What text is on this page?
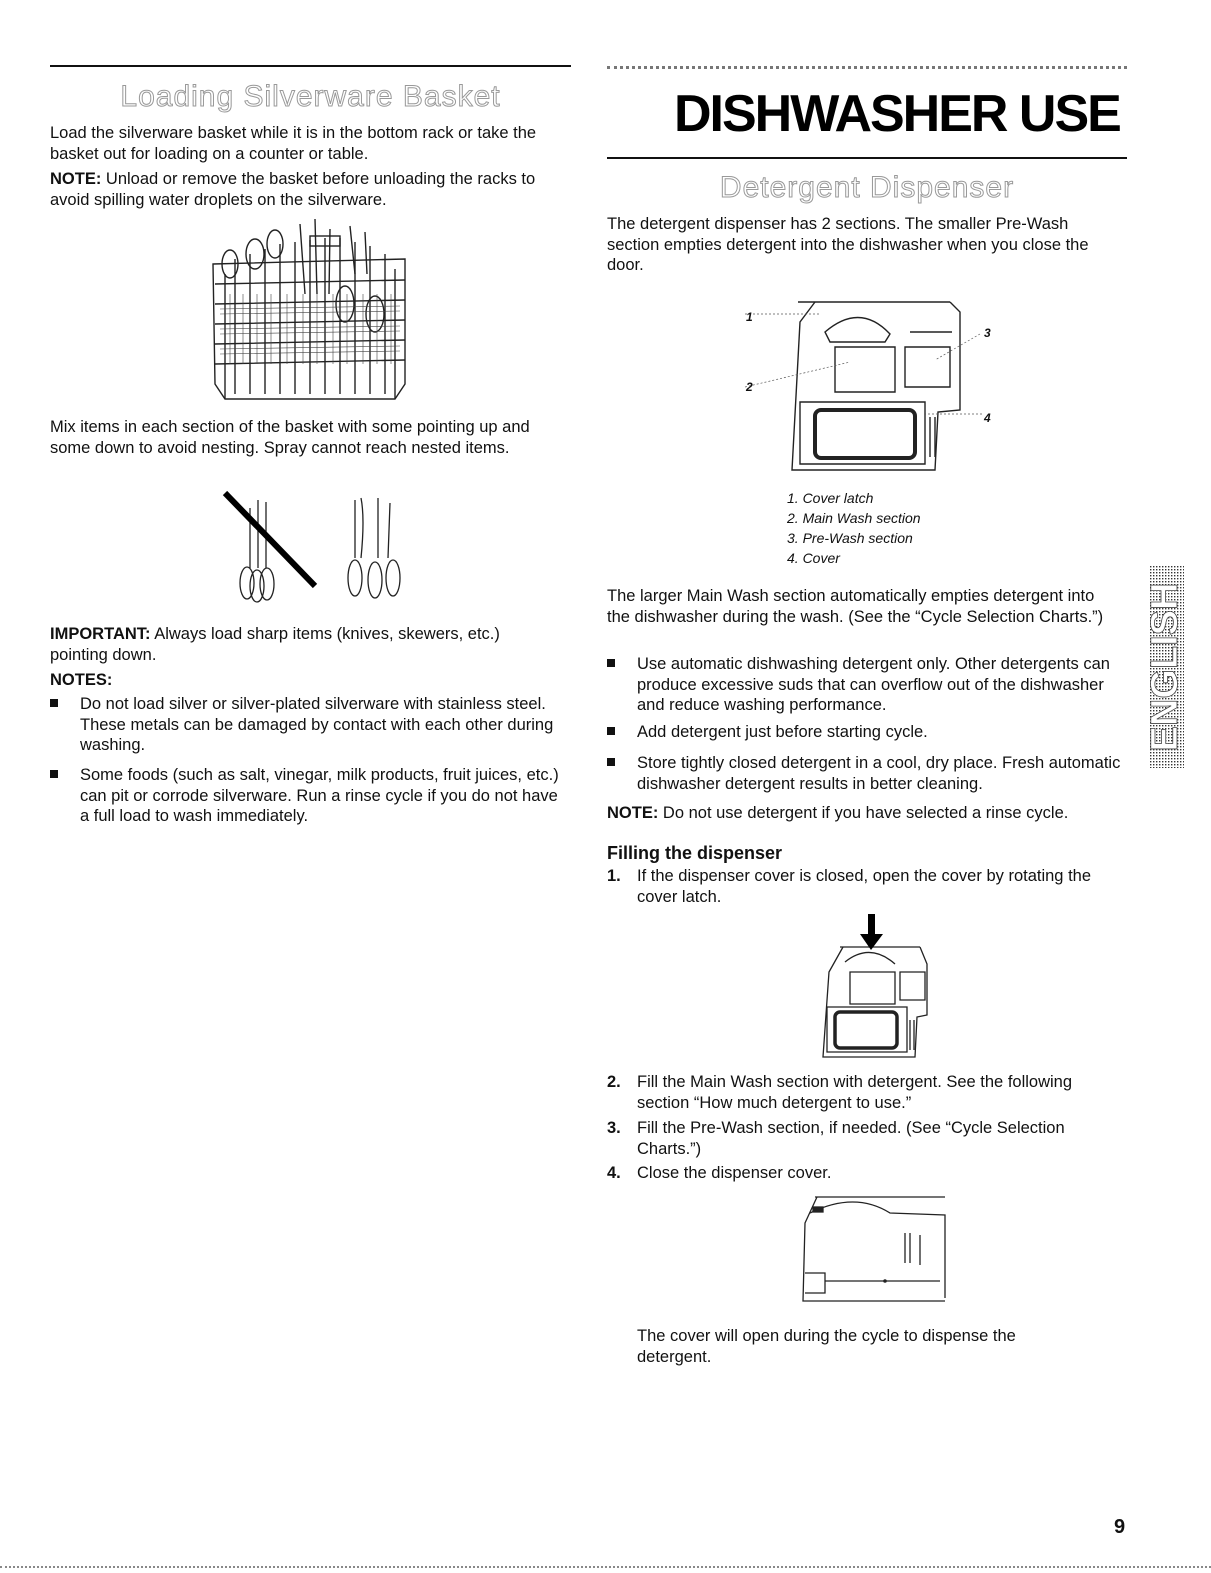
Loading Silverware Basket

Load the silverware basket while it is in the bottom rack or take the basket out for loading on a counter or table.

NOTE: Unload or remove the basket before unloading the racks to avoid spilling water droplets on the silverware.

Mix items in each section of the basket with some pointing up and some down to avoid nesting. Spray cannot reach nested items.

IMPORTANT: Always load sharp items (knives, skewers, etc.) pointing down.

NOTES:

Do not load silver or silver-plated silverware with stainless steel. These metals can be damaged by contact with each other during washing.
Some foods (such as salt, vinegar, milk products, fruit juices, etc.) can pit or corrode silverware. Run a rinse cycle if you do not have a full load to wash immediately.
DISHWASHER USE
Detergent Dispenser

The detergent dispenser has 2 sections. The smaller Pre-Wash section empties detergent into the dishwasher when you close the door.

1
2
3
4
1. Cover latch
2. Main Wash section
3. Pre-Wash section
4. Cover

The larger Main Wash section automatically empties detergent into the dishwasher during the wash. (See the “Cycle Selection Charts.”)

Use automatic dishwashing detergent only. Other detergents can produce excessive suds that can overflow out of the dishwasher and reduce washing performance.
Add detergent just before starting cycle.
Store tightly closed detergent in a cool, dry place. Fresh automatic dishwasher detergent results in better cleaning.

NOTE: Do not use detergent if you have selected a rinse cycle.

Filling the dispenser

1. If the dispenser cover is closed, open the cover by rotating the cover latch.
2. Fill the Main Wash section with detergent. See the following section “How much detergent to use.”
3. Fill the Pre-Wash section, if needed. (See “Cycle Selection Charts.”)
4. Close the dispenser cover.

The cover will open during the cycle to dispense the detergent.

ENGLISH
9
